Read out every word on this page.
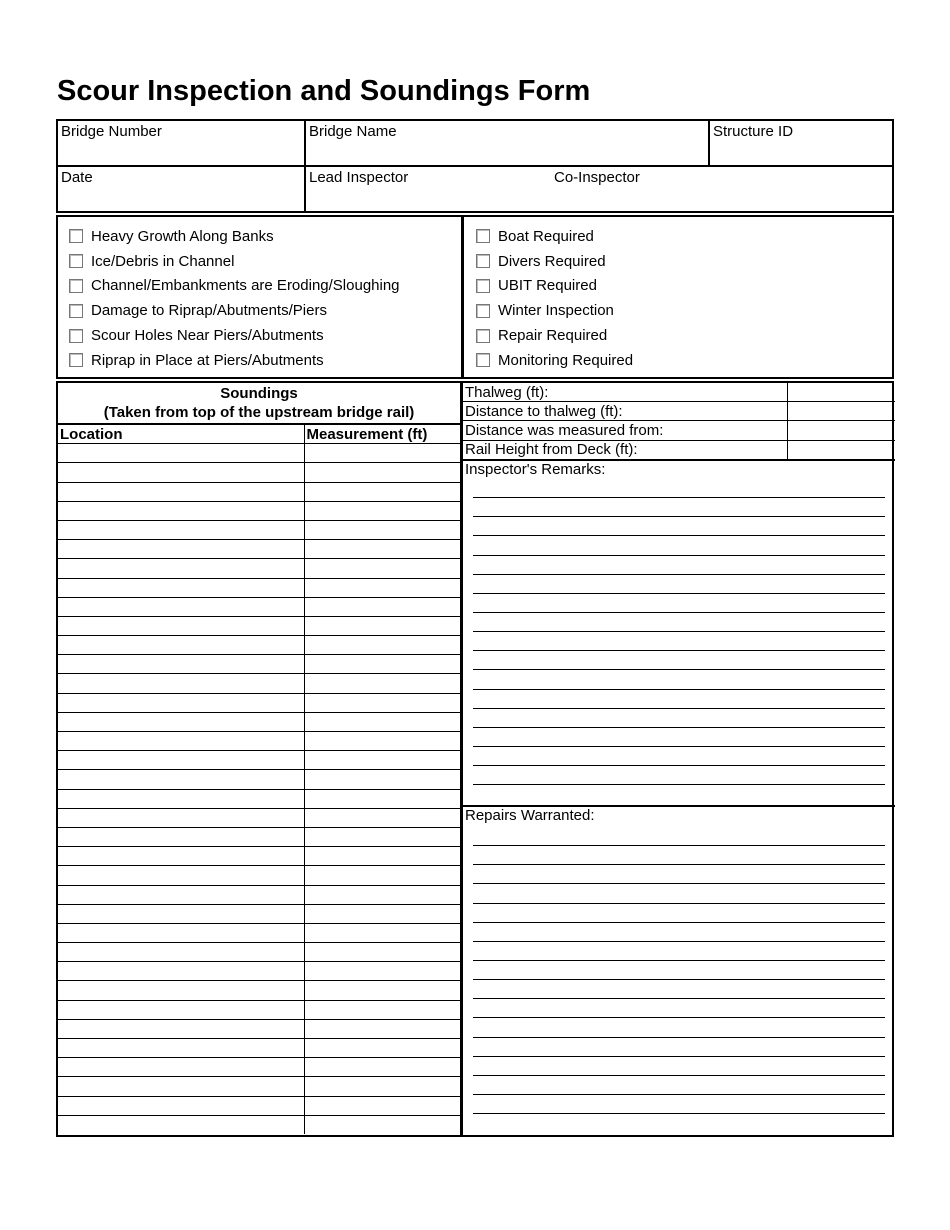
Scour Inspection and Soundings Form
Bridge Number	Bridge Name	Structure ID
Date	Lead Inspector	Co-Inspector
Heavy Growth Along Banks
Ice/Debris in Channel
Channel/Embankments are Eroding/Sloughing
Damage to Riprap/Abutments/Piers
Scour Holes Near Piers/Abutments
Riprap in Place at Piers/Abutments
Boat Required
Divers Required
UBIT Required
Winter Inspection
Repair Required
Monitoring Required
Soundings
(Taken from top of the upstream bridge rail)
Location	Measurement (ft)

Thalweg (ft):	
Distance to thalweg (ft):	
Distance was measured from:	
Rail Height from Deck (ft):	
Inspector's Remarks:
Repairs Warranted:
